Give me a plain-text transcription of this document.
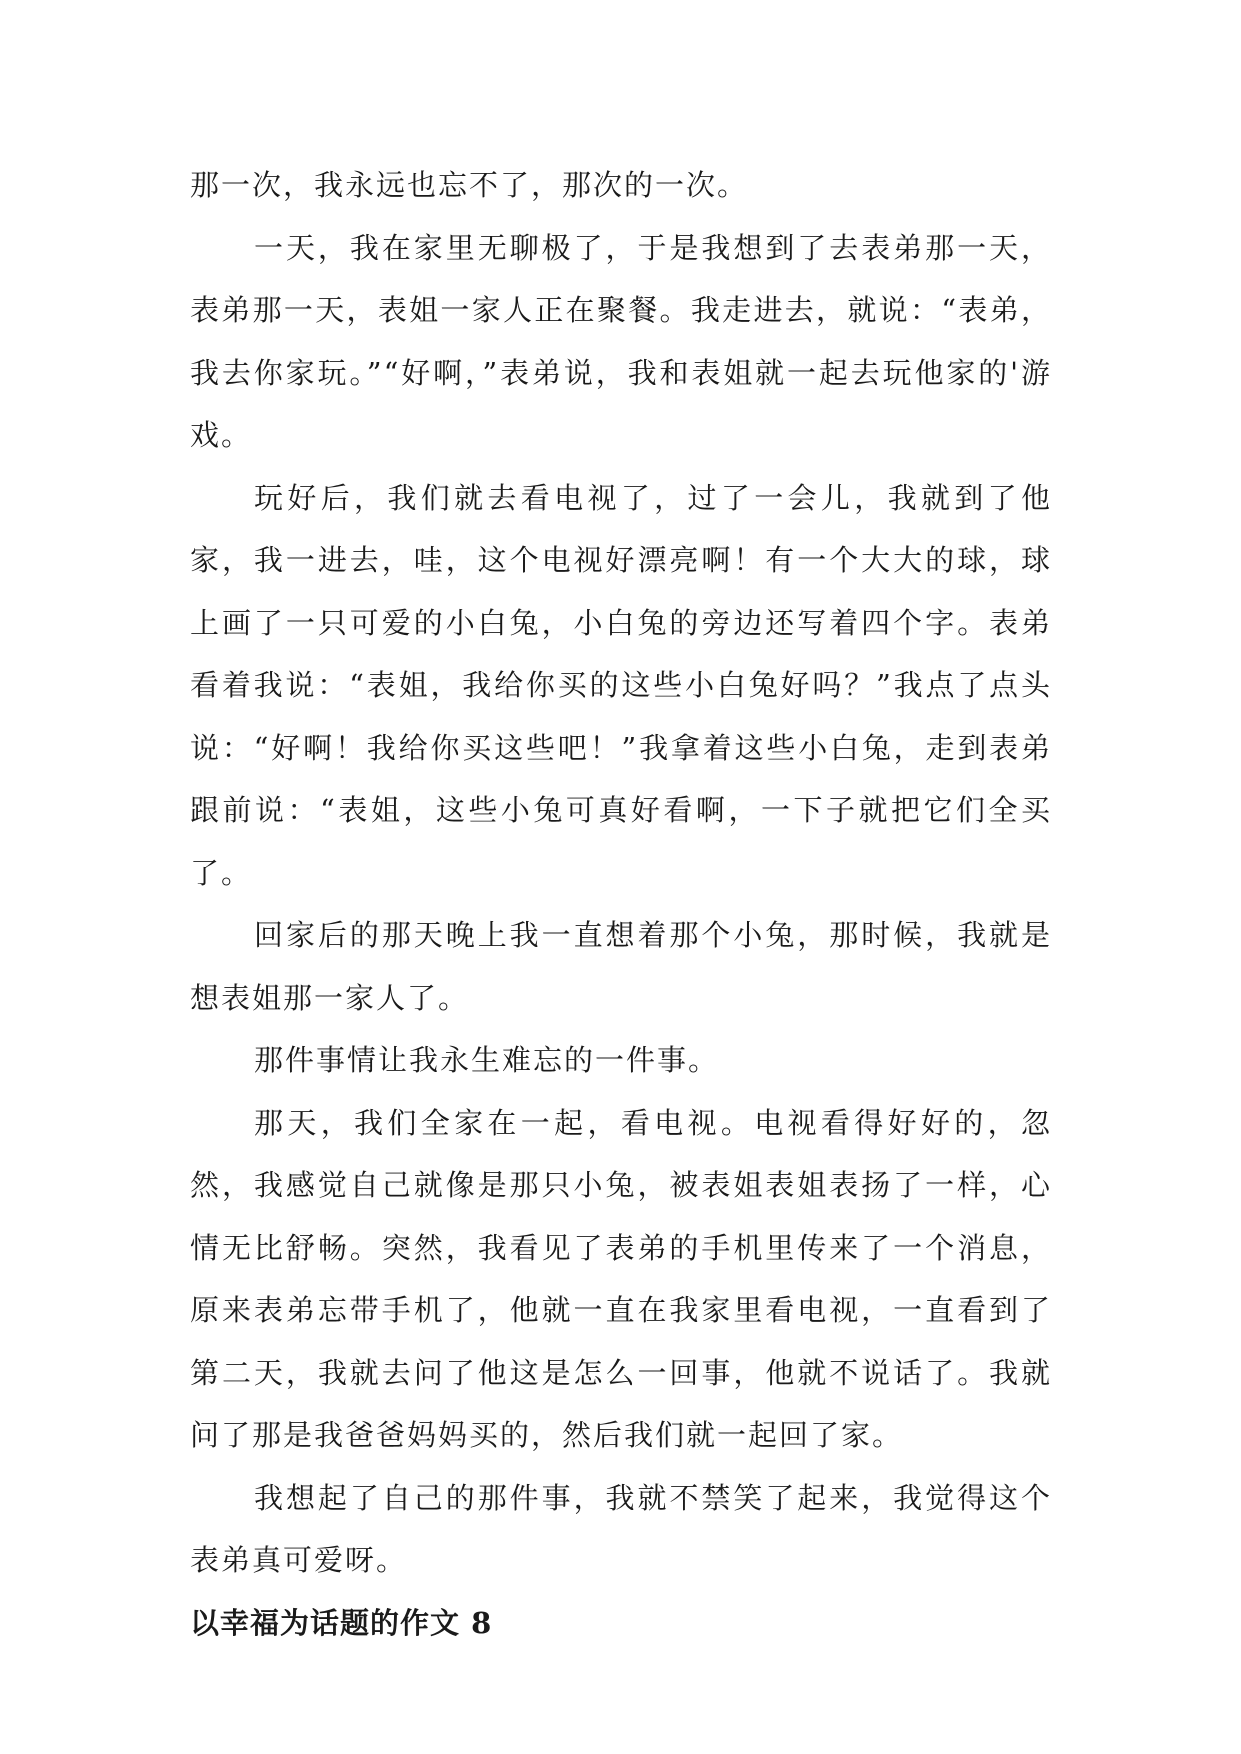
那一次，我永远也忘不了，那次的一次。

一天，我在家里无聊极了，于是我想到了去表弟那一天，表弟那一天，表姐一家人正在聚餐。我走进去，就说：“表弟，我去你家玩。”“好啊，”表弟说，我和表姐就一起去玩他家的'游戏。

玩好后，我们就去看电视了，过了一会儿，我就到了他家，我一进去，哇，这个电视好漂亮啊！有一个大大的球，球上画了一只可爱的小白兔，小白兔的旁边还写着四个字。表弟看着我说：“表姐，我给你买的这些小白兔好吗？”我点了点头说：“好啊！我给你买这些吧！”我拿着这些小白兔，走到表弟跟前说：“表姐，这些小兔可真好看啊，一下子就把它们全买了。

回家后的那天晚上我一直想着那个小兔，那时候，我就是想表姐那一家人了。

那件事情让我永生难忘的一件事。

那天，我们全家在一起，看电视。电视看得好好的，忽然，我感觉自己就像是那只小兔，被表姐表姐表扬了一样，心情无比舒畅。突然，我看见了表弟的手机里传来了一个消息，原来表弟忘带手机了，他就一直在我家里看电视，一直看到了第二天，我就去问了他这是怎么一回事，他就不说话了。我就问了那是我爸爸妈妈买的，然后我们就一起回了家。

我想起了自己的那件事，我就不禁笑了起来，我觉得这个表弟真可爱呀。

以幸福为话题的作文 8
